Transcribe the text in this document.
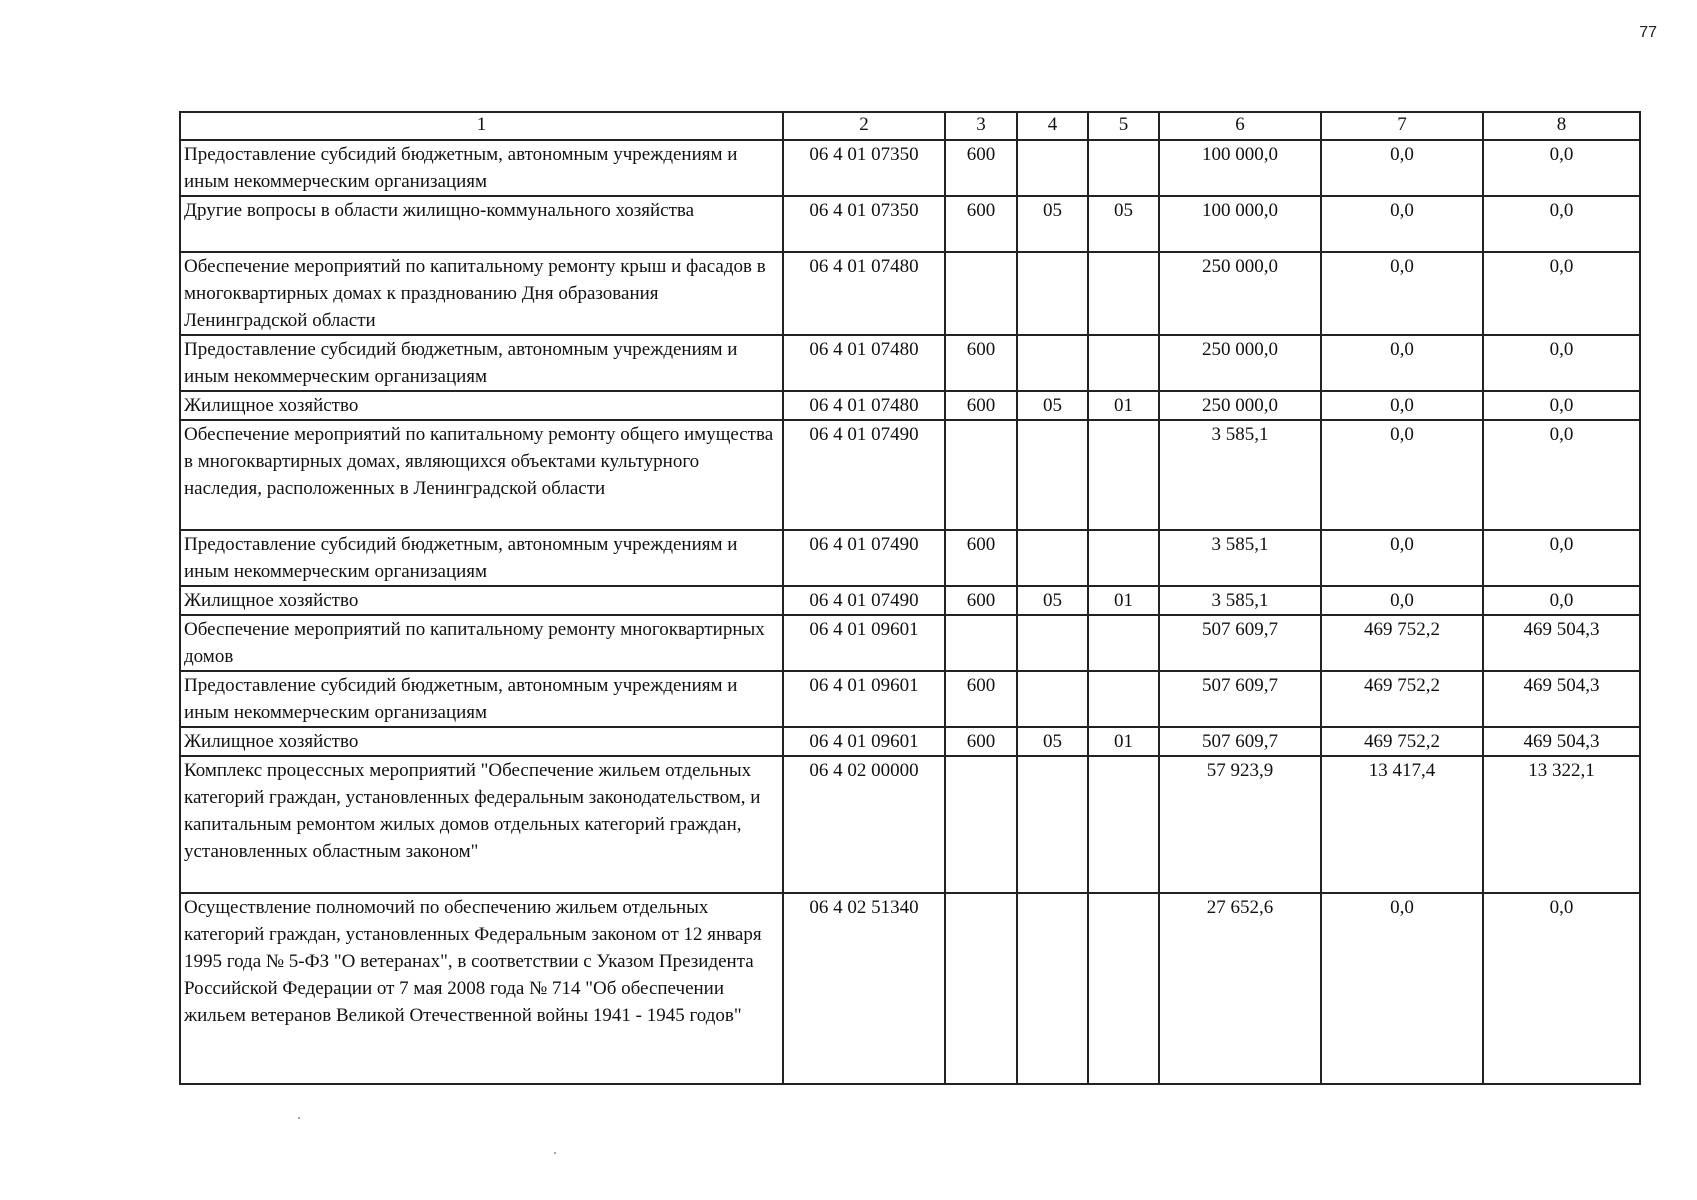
77
1	2	3	4	5	6	7	8
Предоставление субсидий бюджетным, автономным учреждениям и иным некоммерческим организациям	06 4 01 07350	600			100 000,0	0,0	0,0
Другие вопросы в области жилищно-коммунального хозяйства	06 4 01 07350	600	05	05	100 000,0	0,0	0,0
Обеспечение мероприятий по капитальному ремонту крыш и фасадов в многоквартирных домах к празднованию Дня образования Ленинградской области	06 4 01 07480				250 000,0	0,0	0,0
Предоставление субсидий бюджетным, автономным учреждениям и иным некоммерческим организациям	06 4 01 07480	600			250 000,0	0,0	0,0
Жилищное хозяйство	06 4 01 07480	600	05	01	250 000,0	0,0	0,0
Обеспечение мероприятий по капитальному ремонту общего имущества в многоквартирных домах, являющихся объектами культурного наследия, расположенных в Ленинградской области	06 4 01 07490				3 585,1	0,0	0,0
Предоставление субсидий бюджетным, автономным учреждениям и иным некоммерческим организациям	06 4 01 07490	600			3 585,1	0,0	0,0
Жилищное хозяйство	06 4 01 07490	600	05	01	3 585,1	0,0	0,0
Обеспечение мероприятий по капитальному ремонту многоквартирных домов	06 4 01 09601				507 609,7	469 752,2	469 504,3
Предоставление субсидий бюджетным, автономным учреждениям и иным некоммерческим организациям	06 4 01 09601	600			507 609,7	469 752,2	469 504,3
Жилищное хозяйство	06 4 01 09601	600	05	01	507 609,7	469 752,2	469 504,3
Комплекс процессных мероприятий "Обеспечение жильем отдельных категорий граждан, установленных федеральным законодательством, и капитальным ремонтом жилых домов отдельных категорий граждан, установленных областным законом"	06 4 02 00000				57 923,9	13 417,4	13 322,1
Осуществление полномочий по обеспечению жильем отдельных категорий граждан, установленных Федеральным законом от 12 января 1995 года № 5-ФЗ "О ветеранах", в соответствии с Указом Президента Российской Федерации от 7 мая 2008 года № 714 "Об обеспечении жильем ветеранов Великой Отечественной войны 1941 - 1945 годов"	06 4 02 51340				27 652,6	0,0	0,0
